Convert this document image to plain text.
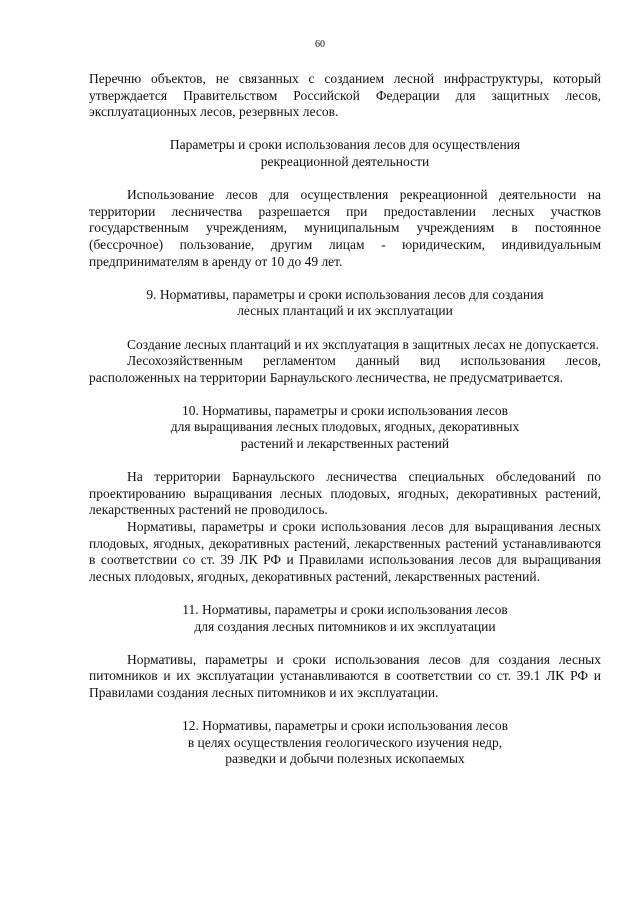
60

Перечню объектов, не связанных с созданием лесной инфраструктуры, который утверждается Правительством Российской Федерации для защитных лесов, эксплуатационных лесов, резервных лесов.

Параметры и сроки использования лесов для осуществления
рекреационной деятельности

Использование лесов для осуществления рекреационной деятельности на территории лесничества разрешается при предоставлении лесных участков государственным учреждениям, муниципальным учреждениям в постоянное (бессрочное) пользование, другим лицам - юридическим, индивидуальным предпринимателям в аренду от 10 до 49 лет.

9. Нормативы, параметры и сроки использования лесов для создания
лесных плантаций и их эксплуатации

Создание лесных плантаций и их эксплуатация в защитных лесах не допускается.

Лесохозяйственным регламентом данный вид использования лесов, расположенных на территории Барнаульского лесничества, не предусматривается.

10. Нормативы, параметры и сроки использования лесов
для выращивания лесных плодовых, ягодных, декоративных
растений и лекарственных растений

На территории Барнаульского лесничества специальных обследований по проектированию выращивания лесных плодовых, ягодных, декоративных растений, лекарственных растений не проводилось.

Нормативы, параметры и сроки использования лесов для выращивания лесных плодовых, ягодных, декоративных растений, лекарственных растений устанавливаются в соответствии со ст. 39 ЛК РФ и Правилами использования лесов для выращивания лесных плодовых, ягодных, декоративных растений, лекарственных растений.

11. Нормативы, параметры и сроки использования лесов
для создания лесных питомников и их эксплуатации

Нормативы, параметры и сроки использования лесов для создания лесных питомников и их эксплуатации устанавливаются в соответствии со ст. 39.1 ЛК РФ и Правилами создания лесных питомников и их эксплуатации.

12. Нормативы, параметры и сроки использования лесов
в целях осуществления геологического изучения недр,
разведки и добычи полезных ископаемых
